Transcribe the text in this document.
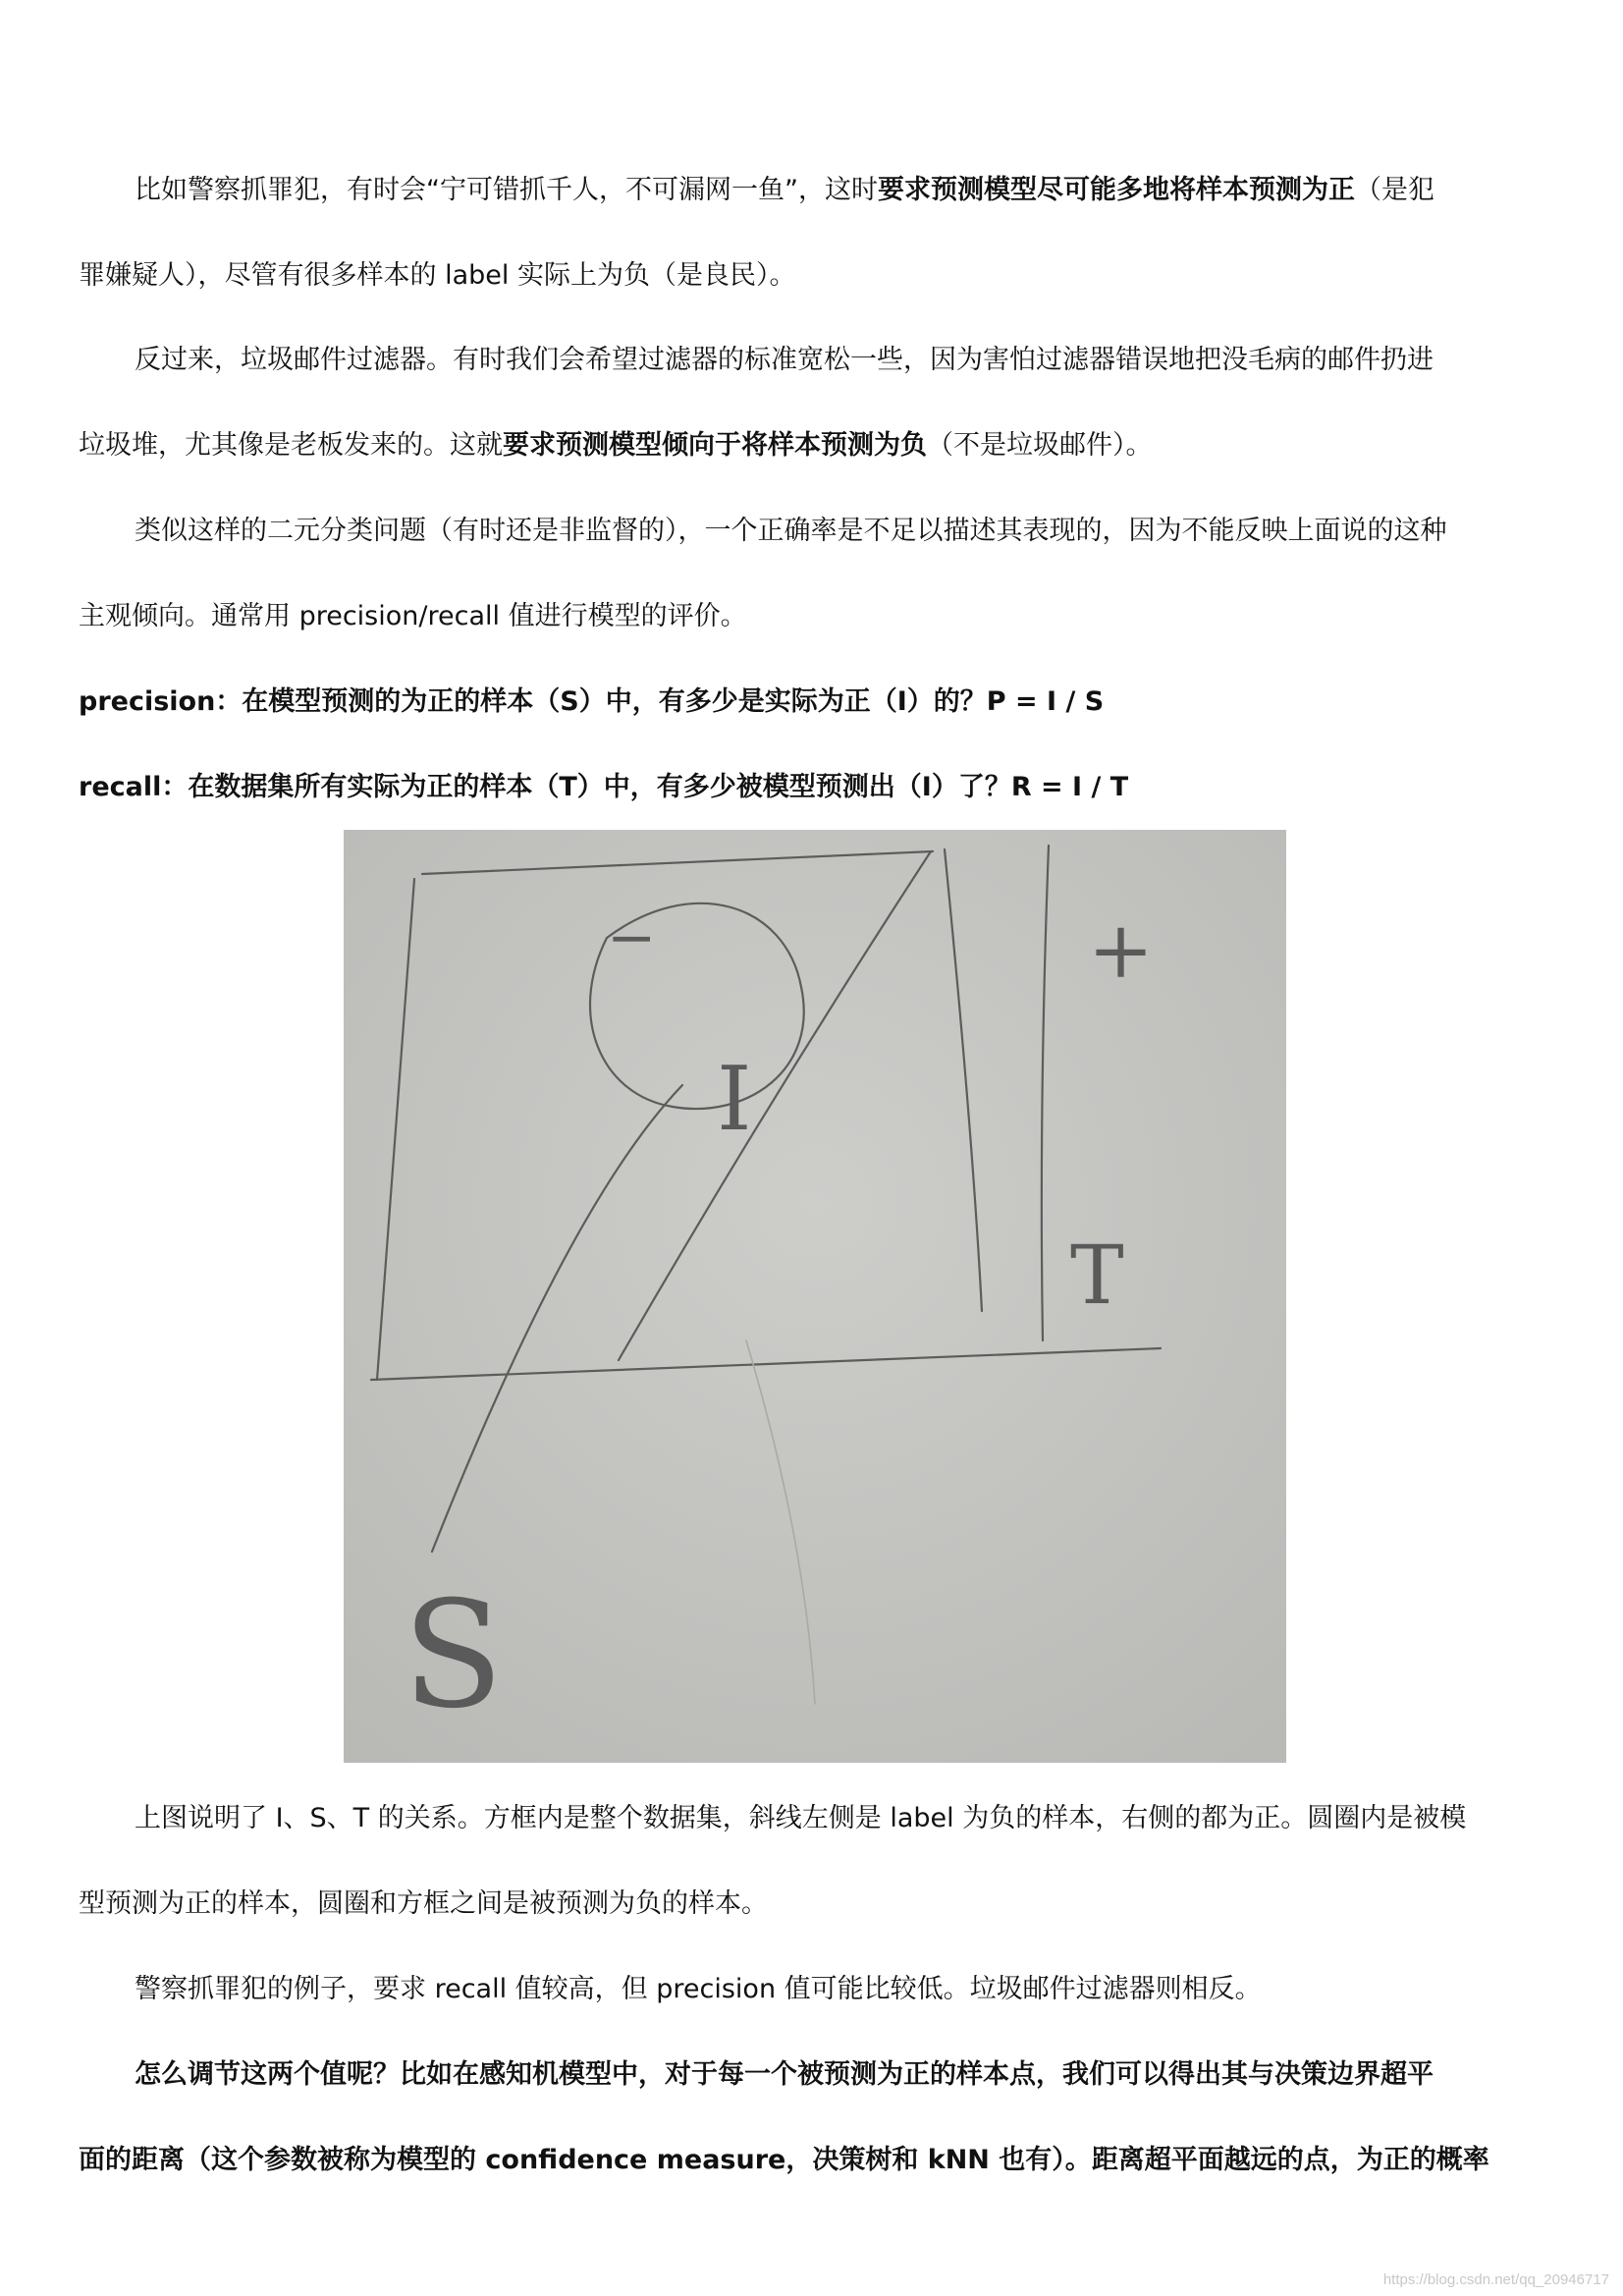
比如警察抓罪犯，有时会“宁可错抓千人，不可漏网一鱼”，这时要求预测模型尽可能多地将样本预测为正（是犯
罪嫌疑人），尽管有很多样本的 label 实际上为负（是良民）。
反过来，垃圾邮件过滤器。有时我们会希望过滤器的标准宽松一些，因为害怕过滤器错误地把没毛病的邮件扔进
垃圾堆，尤其像是老板发来的。这就要求预测模型倾向于将样本预测为负（不是垃圾邮件）。
类似这样的二元分类问题（有时还是非监督的），一个正确率是不足以描述其表现的，因为不能反映上面说的这种
主观倾向。通常用 precision/recall 值进行模型的评价。
precision：在模型预测的为正的样本（S）中，有多少是实际为正（I）的？P = I / S
recall：在数据集所有实际为正的样本（T）中，有多少被模型预测出（I）了？R = I / T
−	+
I
T
S
上图说明了 I、S、T 的关系。方框内是整个数据集，斜线左侧是 label 为负的样本，右侧的都为正。圆圈内是被模
型预测为正的样本，圆圈和方框之间是被预测为负的样本。
警察抓罪犯的例子，要求 recall 值较高，但 precision 值可能比较低。垃圾邮件过滤器则相反。
怎么调节这两个值呢？比如在感知机模型中，对于每一个被预测为正的样本点，我们可以得出其与决策边界超平
面的距离（这个参数被称为模型的 confidence measure，决策树和 kNN 也有）。距离超平面越远的点，为正的概率
https://blog.csdn.net/qq_20946717
